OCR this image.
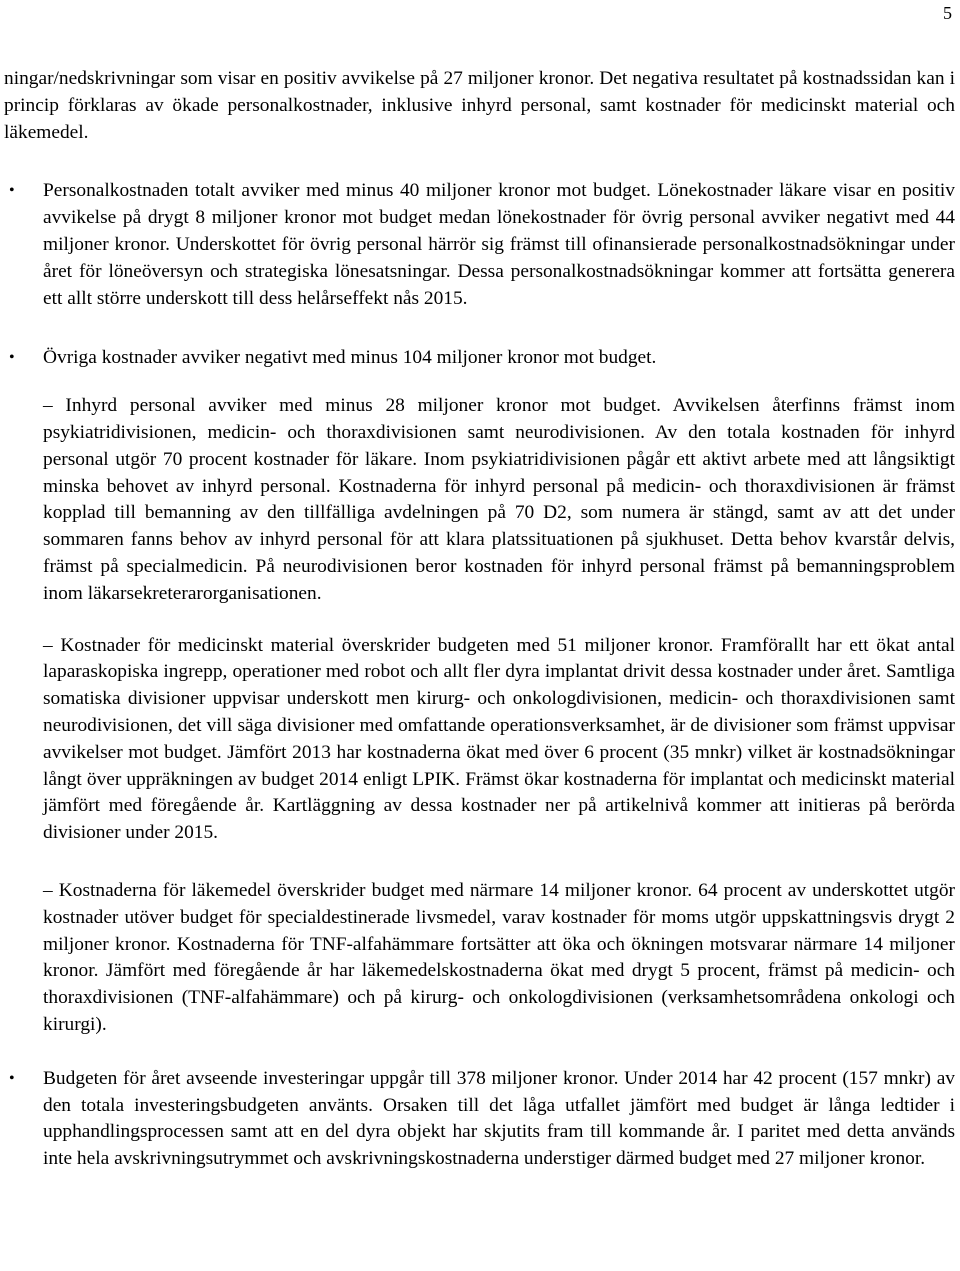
5

ningar/nedskrivningar som visar en positiv avvikelse på 27 miljoner kronor. Det negativa resultatet på kostnadssidan kan i princip förklaras av ökade personalkostnader, inklusive inhyrd personal, samt kostnader för medicinskt material och läkemedel.

•	Personalkostnaden totalt avviker med minus 40 miljoner kronor mot budget. Lönekostnader läkare visar en positiv avvikelse på drygt 8 miljoner kronor mot budget medan lönekostnader för övrig personal avviker negativt med 44 miljoner kronor. Underskottet för övrig personal härrör sig främst till ofinansierade personalkostnadsökningar under året för löneöversyn och strategiska lönesatsningar. Dessa personalkostnadsökningar kommer att fortsätta generera ett allt större underskott till dess helårseffekt nås 2015.

•	Övriga kostnader avviker negativt med minus 104 miljoner kronor mot budget.

– Inhyrd personal avviker med minus 28 miljoner kronor mot budget. Avvikelsen återfinns främst inom psykiatridivisionen, medicin- och thoraxdivisionen samt neurodivisionen. Av den totala kostnaden för inhyrd personal utgör 70 procent kostnader för läkare. Inom psykiatridivisionen pågår ett aktivt arbete med att långsiktigt minska behovet av inhyrd personal. Kostnaderna för inhyrd personal på medicin- och thoraxdivisionen är främst kopplad till bemanning av den tillfälliga avdelningen på 70 D2, som numera är stängd, samt av att det under sommaren fanns behov av inhyrd personal för att klara platssituationen på sjukhuset. Detta behov kvarstår delvis, främst på specialmedicin. På neurodivisionen beror kostnaden för inhyrd personal främst på bemanningsproblem inom läkarsekreterarorganisationen.

– Kostnader för medicinskt material överskrider budgeten med 51 miljoner kronor. Framförallt har ett ökat antal laparaskopiska ingrepp, operationer med robot och allt fler dyra implantat drivit dessa kostnader under året. Samtliga somatiska divisioner uppvisar underskott men kirurg- och onkologdivisionen, medicin- och thoraxdivisionen samt neurodivisionen, det vill säga divisioner med omfattande operationsverksamhet, är de divisioner som främst uppvisar avvikelser mot budget. Jämfört 2013 har kostnaderna ökat med över 6 procent (35 mnkr) vilket är kostnadsökningar långt över uppräkningen av budget 2014 enligt LPIK. Främst ökar kostnaderna för implantat och medicinskt material jämfört med föregående år. Kartläggning av dessa kostnader ner på artikelnivå kommer att initieras på berörda divisioner under 2015.

– Kostnaderna för läkemedel överskrider budget med närmare 14 miljoner kronor. 64 procent av underskottet utgör kostnader utöver budget för specialdestinerade livsmedel, varav kostnader för moms utgör uppskattningsvis drygt 2 miljoner kronor. Kostnaderna för TNF-alfahämmare fortsätter att öka och ökningen motsvarar närmare 14 miljoner kronor. Jämfört med föregående år har läkemedelskostnaderna ökat med drygt 5 procent, främst på medicin- och thoraxdivisionen (TNF-alfahämmare) och på kirurg- och onkologdivisionen (verksamhetsområdena onkologi och kirurgi).

•	Budgeten för året avseende investeringar uppgår till 378 miljoner kronor. Under 2014 har 42 procent (157 mnkr) av den totala investeringsbudgeten använts. Orsaken till det låga utfallet jämfört med budget är långa ledtider i upphandlingsprocessen samt att en del dyra objekt har skjutits fram till kommande år. I paritet med detta används inte hela avskrivningsutrymmet och avskrivningskostnaderna understiger därmed budget med 27 miljoner kronor.
